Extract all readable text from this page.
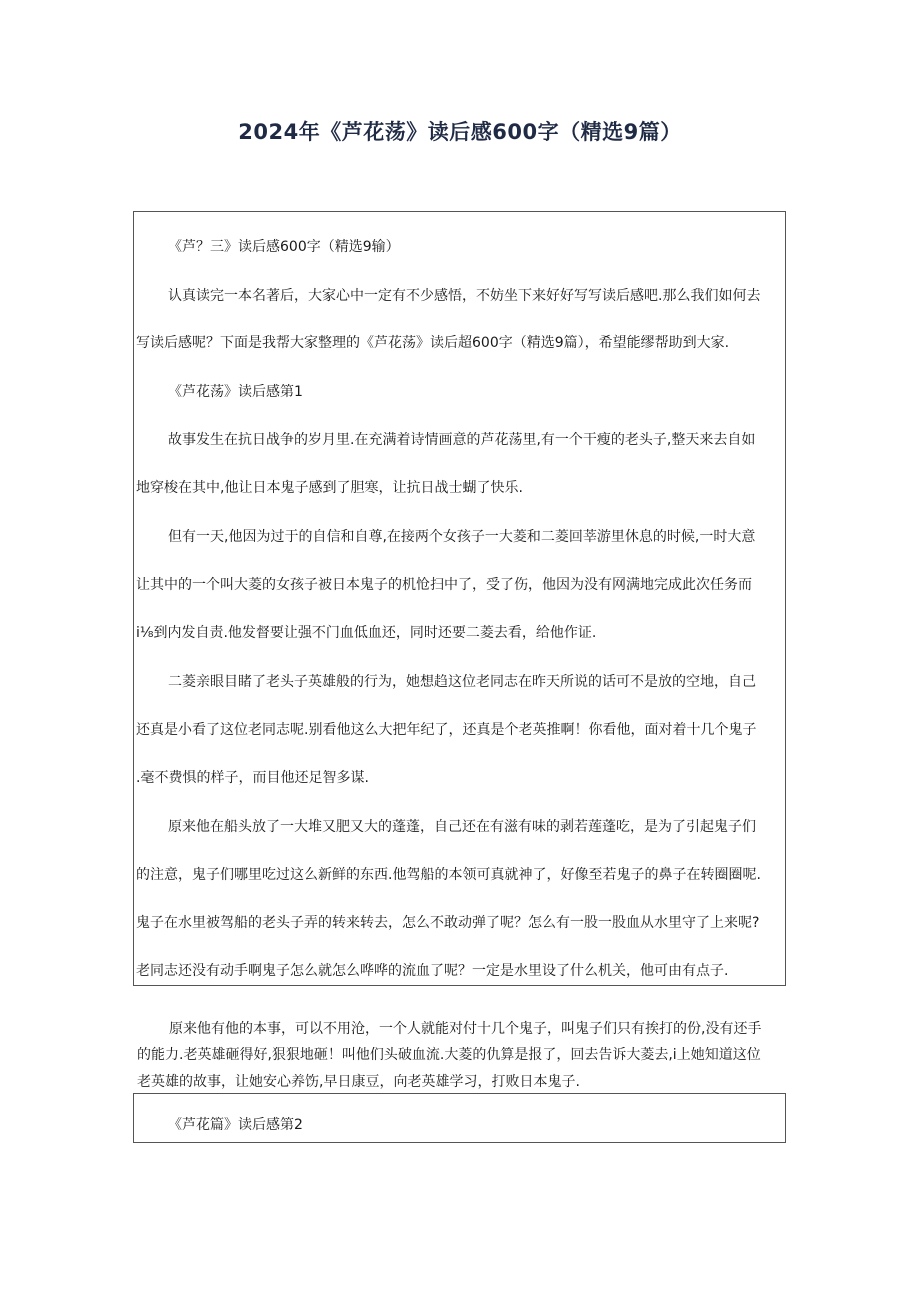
2024年《芦花荡》读后感600字（精选9篇）
《芦？三》读后感600字（精选9输）
认真读完一本名著后，大家心中一定有不少感悟，不妨坐下来好好写写读后感吧.那么我们如何去
写读后感呢？下面是我帮大家整理的《芦花荡》读后超600字（精选9篇），希望能缪帮助到大家.
《芦花荡》读后感第1
故事发生在抗日战争的岁月里.在充满着诗情画意的芦花荡里,有一个干瘦的老头子,整天来去自如
地穿梭在其中,他让日本鬼子感到了胆寒，让抗日战士蝴了快乐.
但有一天,他因为过于的自信和自尊,在接两个女孩子一大菱和二菱回莘游里休息的时候,一时大意
让其中的一个叫大菱的女孩子被日本鬼子的机怆扫中了，受了伤，他因为没有网满地完成此次任务而
i⅛到内发自责.他发督要让强不门血低血还，同时还要二菱去看，给他作证.
二菱亲眼目睹了老头子英雄般的行为，她想趋这位老同志在昨天所说的话可不是放的空地，自己
还真是小看了这位老同志呢.别看他这么大把年纪了，还真是个老英推啊！你看他，面对着十几个鬼子
.毫不费惧的样子，而目他还足智多谋.
原来他在船头放了一大堆又肥又大的蓬蓬，自己还在有滋有味的剥若莲蓬吃，是为了引起鬼子们
的注意，鬼子们哪里吃过这么新鲜的东西.他驾船的本领可真就神了，好像至若鬼子的鼻子在转圈圈呢.
鬼子在水里被驾船的老头子弄的转来转去，怎么不敢动弹了呢？怎么有一股一股血从水里守了上来呢?
老同志还没有动手啊鬼子怎么就怎么哗哗的流血了呢？一定是水里设了什么机关，他可由有点子.
原来他有他的本事，可以不用沧，一个人就能对付十几个鬼子，叫鬼子们只有挨打的份,没有还手
的能力.老英雄砸得好,狠狠地砸！叫他们头破血流.大菱的仇算是报了，回去告诉大菱去,i上她知道这位
老英雄的故事，让她安心养饬,早日康豆，向老英雄学习，打败日本鬼子.
《芦花篇》读后感第2
